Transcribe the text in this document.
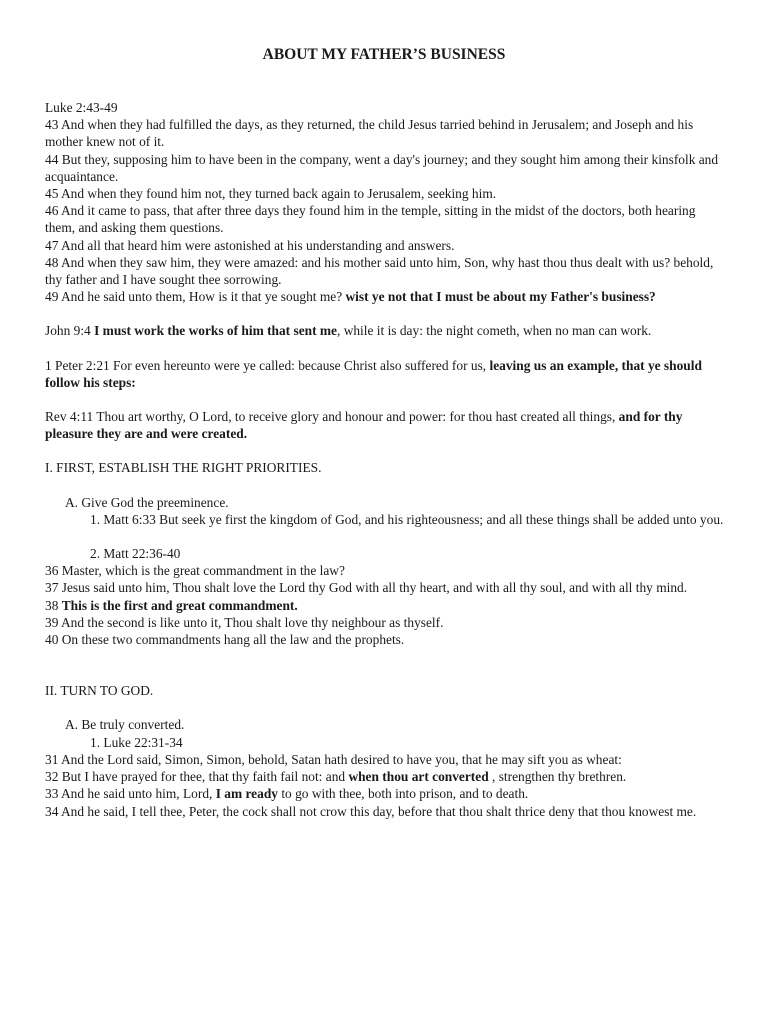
ABOUT MY FATHER’S BUSINESS

Luke 2:43-49

43 And when they had fulfilled the days, as they returned, the child Jesus tarried behind in Jerusalem; and Joseph and his mother knew not of it.

44 But they, supposing him to have been in the company, went a day's journey; and they sought him among their kinsfolk and acquaintance.

45 And when they found him not, they turned back again to Jerusalem, seeking him.

46 And it came to pass, that after three days they found him in the temple, sitting in the midst of the doctors, both hearing them, and asking them questions.

47 And all that heard him were astonished at his understanding and answers.

48 And when they saw him, they were amazed: and his mother said unto him, Son, why hast thou thus dealt with us? behold, thy father and I have sought thee sorrowing.

49 And he said unto them, How is it that ye sought me? wist ye not that I must be about my Father's business?

John 9:4 I must work the works of him that sent me, while it is day: the night cometh, when no man can work.

1 Peter 2:21 For even hereunto were ye called: because Christ also suffered for us, leaving us an example, that ye should follow his steps:

Rev 4:11 Thou art worthy, O Lord, to receive glory and honour and power: for thou hast created all things, and for thy pleasure they are and were created.

I. FIRST, ESTABLISH THE RIGHT PRIORITIES.

A. Give God the preeminence.

1. Matt 6:33 But seek ye first the kingdom of God, and his righteousness; and all these things shall be added unto you.

2. Matt 22:36-40

36 Master, which is the great commandment in the law?

37 Jesus said unto him, Thou shalt love the Lord thy God with all thy heart, and with all thy soul, and with all thy mind.

38 This is the first and great commandment.

39 And the second is like unto it, Thou shalt love thy neighbour as thyself.

40 On these two commandments hang all the law and the prophets.

II. TURN TO GOD.

A. Be truly converted.

1. Luke 22:31-34

31 And the Lord said, Simon, Simon, behold, Satan hath desired to have you, that he may sift you as wheat:

32 But I have prayed for thee, that thy faith fail not: and when thou art converted , strengthen thy brethren.

33 And he said unto him, Lord, I am ready to go with thee, both into prison, and to death.

34 And he said, I tell thee, Peter, the cock shall not crow this day, before that thou shalt thrice deny that thou knowest me.
